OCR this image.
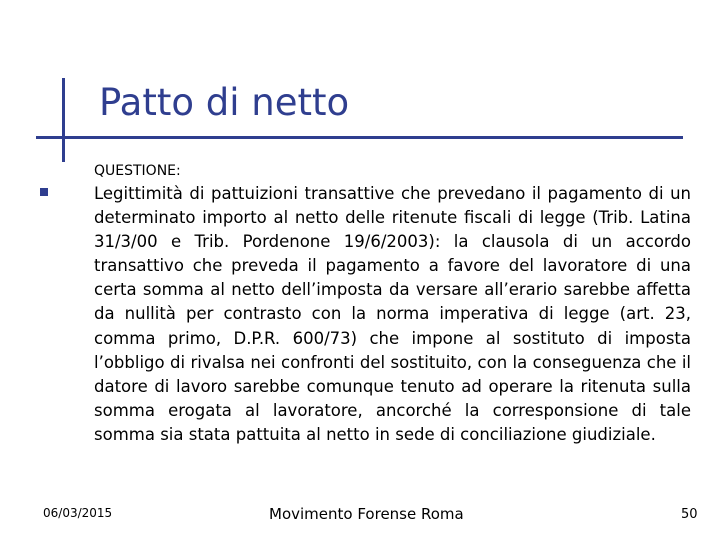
Patto di netto
QUESTIONE:
Legittimità di pattuizioni transattive che prevedano il pagamento di un determinato importo al netto delle ritenute fiscali di legge (Trib. Latina 31/3/00 e Trib. Pordenone 19/6/2003): la clausola di un accordo transattivo che preveda il pagamento a favore del lavoratore di una certa somma al netto dell’imposta da versare all’erario sarebbe affetta da nullità per contrasto con la norma imperativa di legge (art. 23, comma primo, D.P.R. 600/73) che impone al sostituto di imposta l’obbligo di rivalsa nei confronti del sostituito, con la conseguenza che il datore di lavoro sarebbe comunque tenuto ad operare la ritenuta sulla somma erogata al lavoratore, ancorché la corresponsione di tale somma sia stata pattuita al netto in sede di conciliazione giudiziale.
06/03/2015	Movimento Forense Roma	50
